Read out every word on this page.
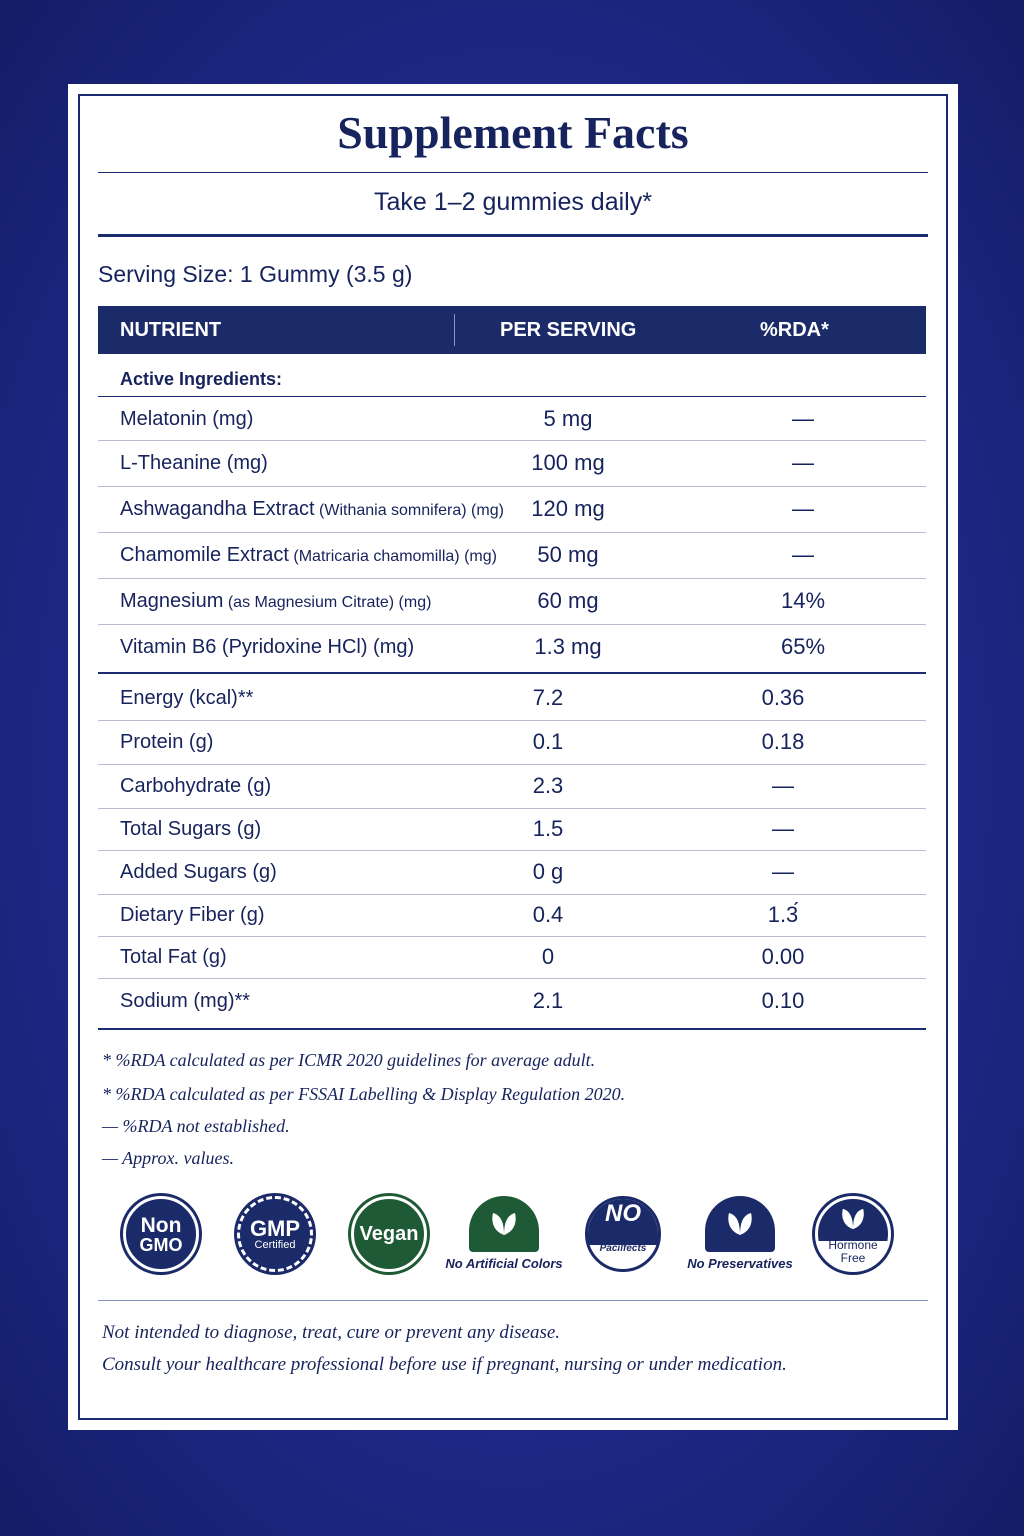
Supplement Facts
Take 1–2 gummies daily*
Serving Size: 1 Gummy (3.5 g)
NUTRIENT	PER SERVING	%RDA*
Active Ingredients:
Melatonin (mg)	5 mg	—
L-Theanine (mg)	100 mg	—
Ashwagandha Extract (Withania somnifera) (mg)	120 mg	—
Chamomile Extract (Matricaria chamomilla) (mg)	50 mg	—
Magnesium (as Magnesium Citrate) (mg)	60 mg	14%
Vitamin B6 (Pyridoxine HCl) (mg)	1.3 mg	65%
Energy (kcal)**	7.2	0.36
Protein (g)	0.1	0.18
Carbohydrate (g)	2.3	—
Total Sugars (g)	1.5	—
Added Sugars (g)	0 g	—
Dietary Fiber (g)	0.4	1.3́
Total Fat (g)	0	0.00
Sodium (mg)**	2.1	0.10
* %RDA calculated as per ICMR 2020 guidelines for average adult.
* %RDA calculated as per FSSAI Labelling & Display Regulation 2020.
— %RDA not established.
— Approx. values.
Non
GMO
GMP
Certified	Vegan
No Artificial Colors
NO
No Pacilfects
No Preservatives
Hormone Free
Not intended to diagnose, treat, cure or prevent any disease.
Consult your healthcare professional before use if pregnant, nursing or under medication.
